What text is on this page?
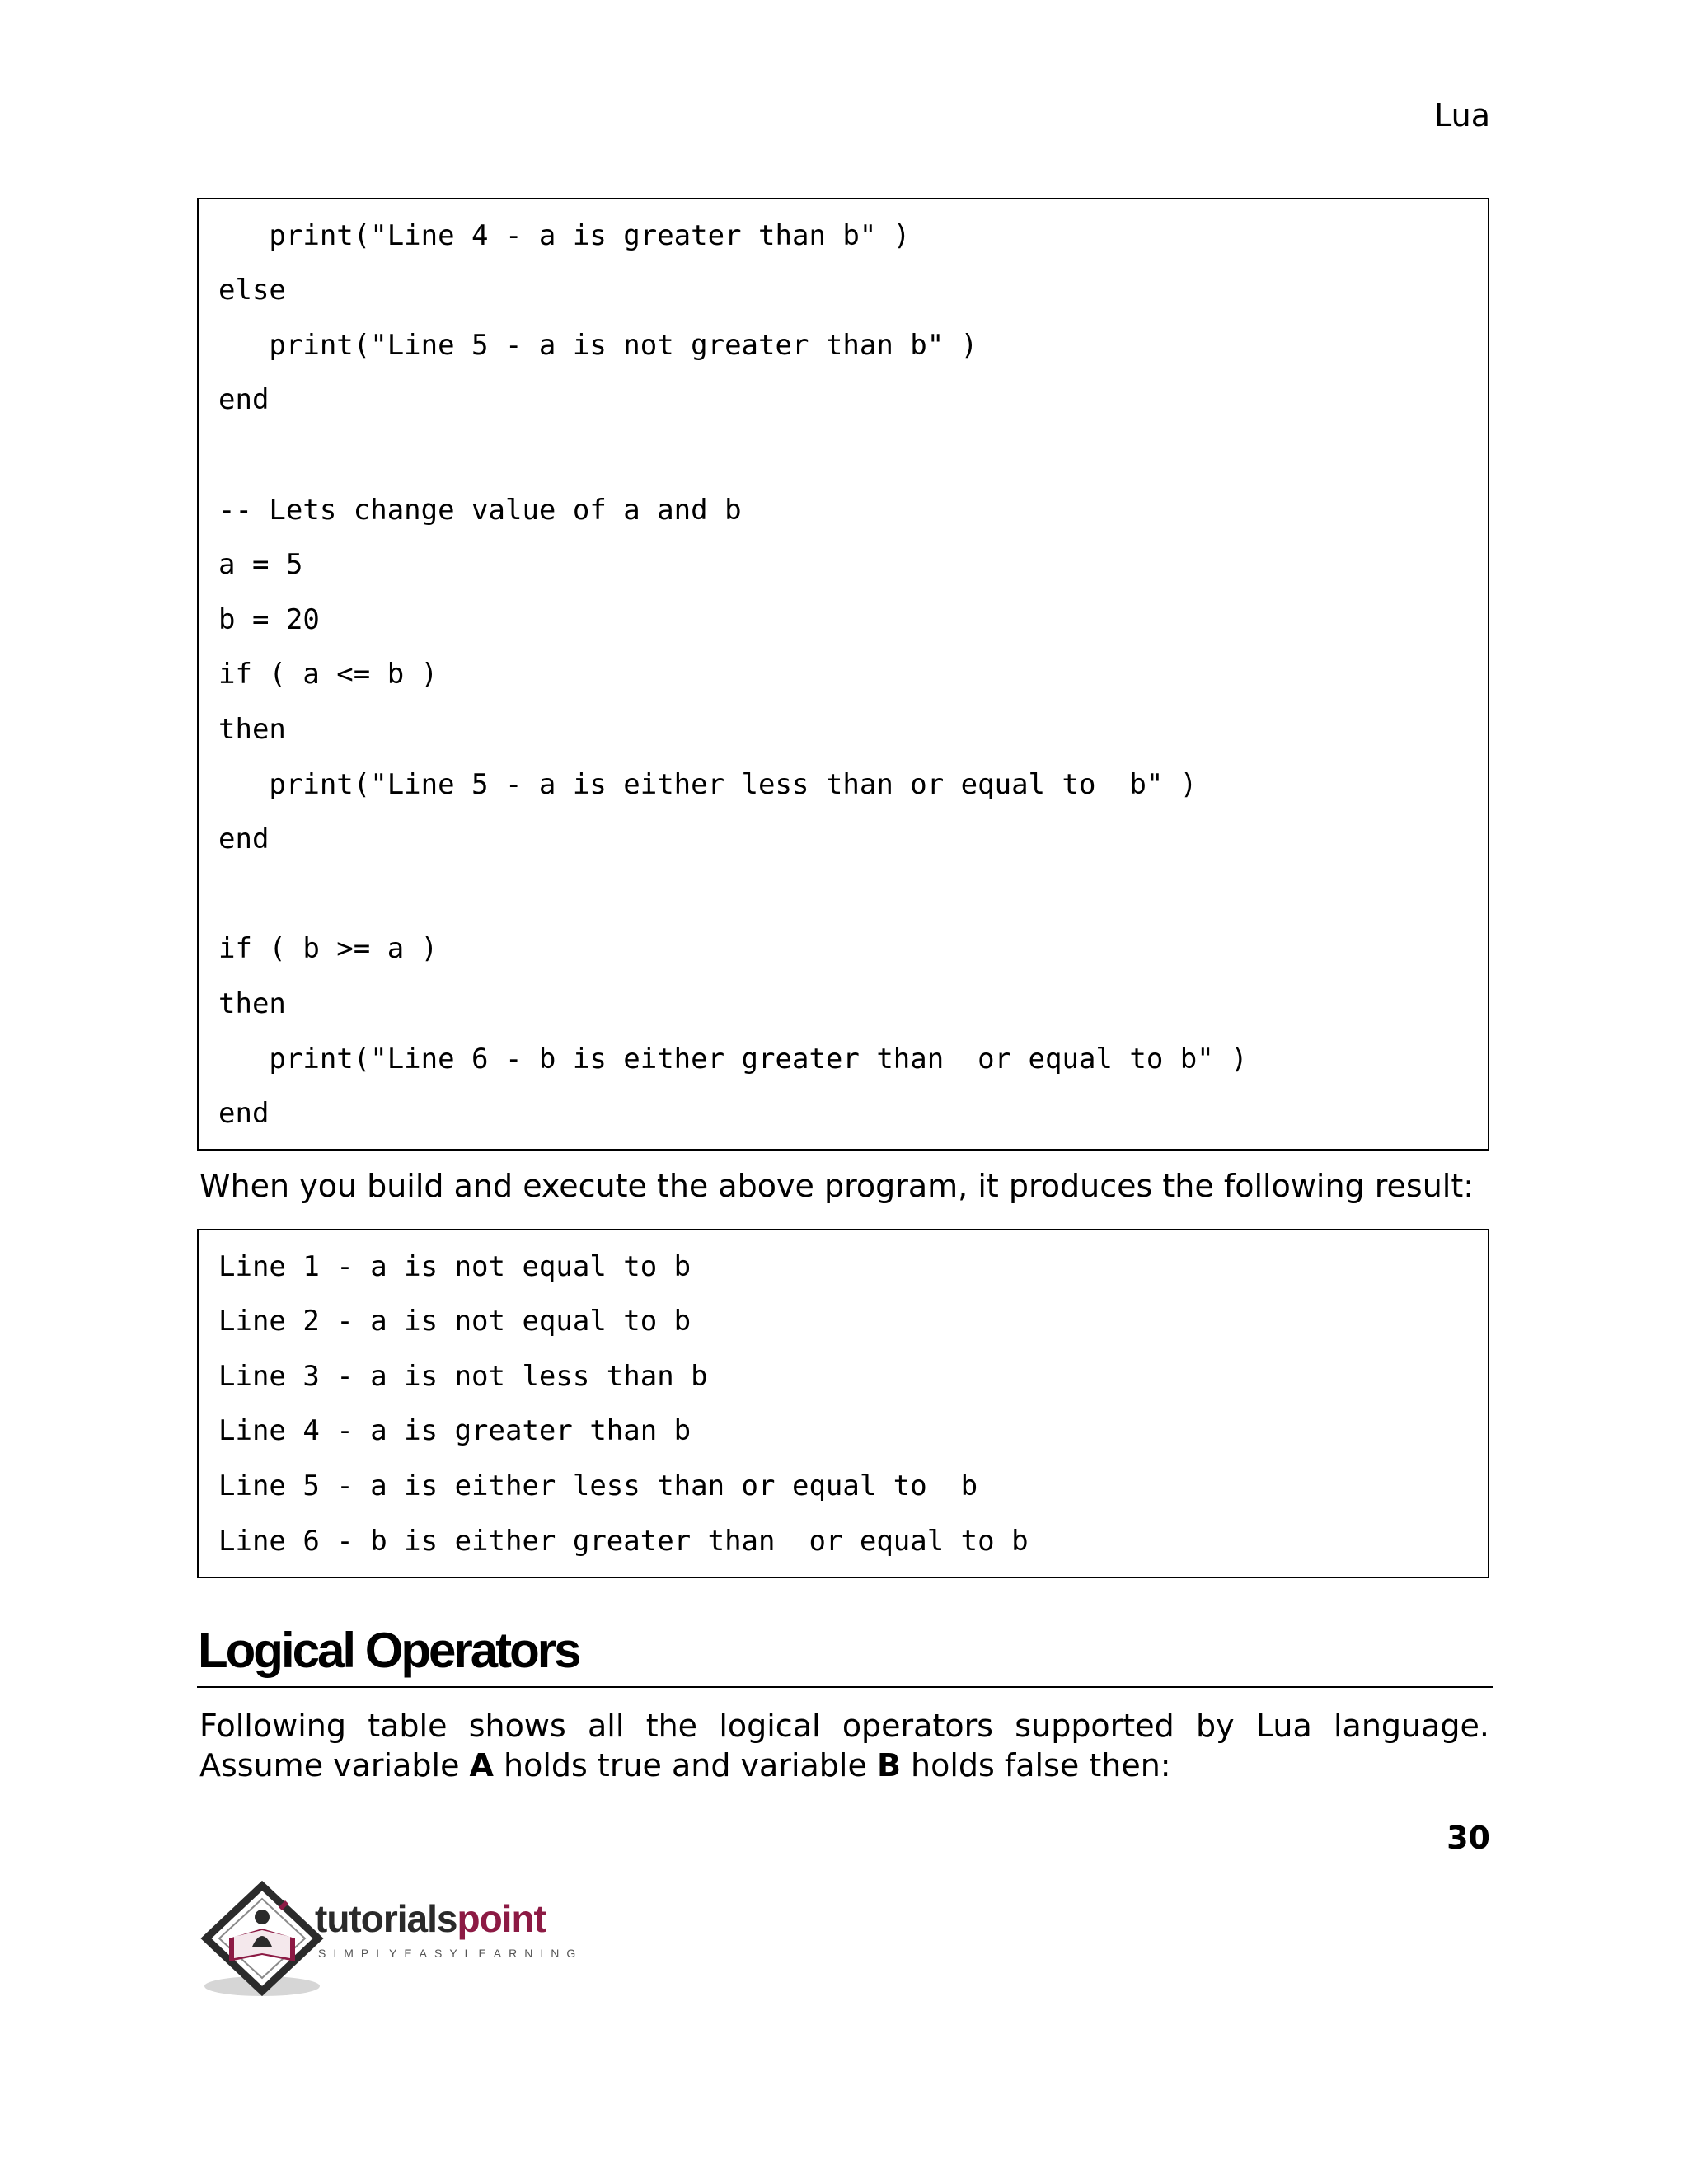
Lua
print("Line 4 - a is greater than b" )
else
print("Line 5 - a is not greater than b" )
end
-- Lets change value of a and b
a = 5
b = 20
if ( a <= b )
then
print("Line 5 - a is either less than or equal to  b" )
end
if ( b >= a )
then
print("Line 6 - b is either greater than  or equal to b" )
end
When you build and execute the above program, it produces the following result:
Line 1 - a is not equal to b
Line 2 - a is not equal to b
Line 3 - a is not less than b
Line 4 - a is greater than b
Line 5 - a is either less than or equal to  b
Line 6 - b is either greater than  or equal to b
Logical Operators
Following table shows all the logical operators supported by Lua language. Assume variable A holds true and variable B holds false then:
30
tutorialspoint
SIMPLYEASYLEARNING
